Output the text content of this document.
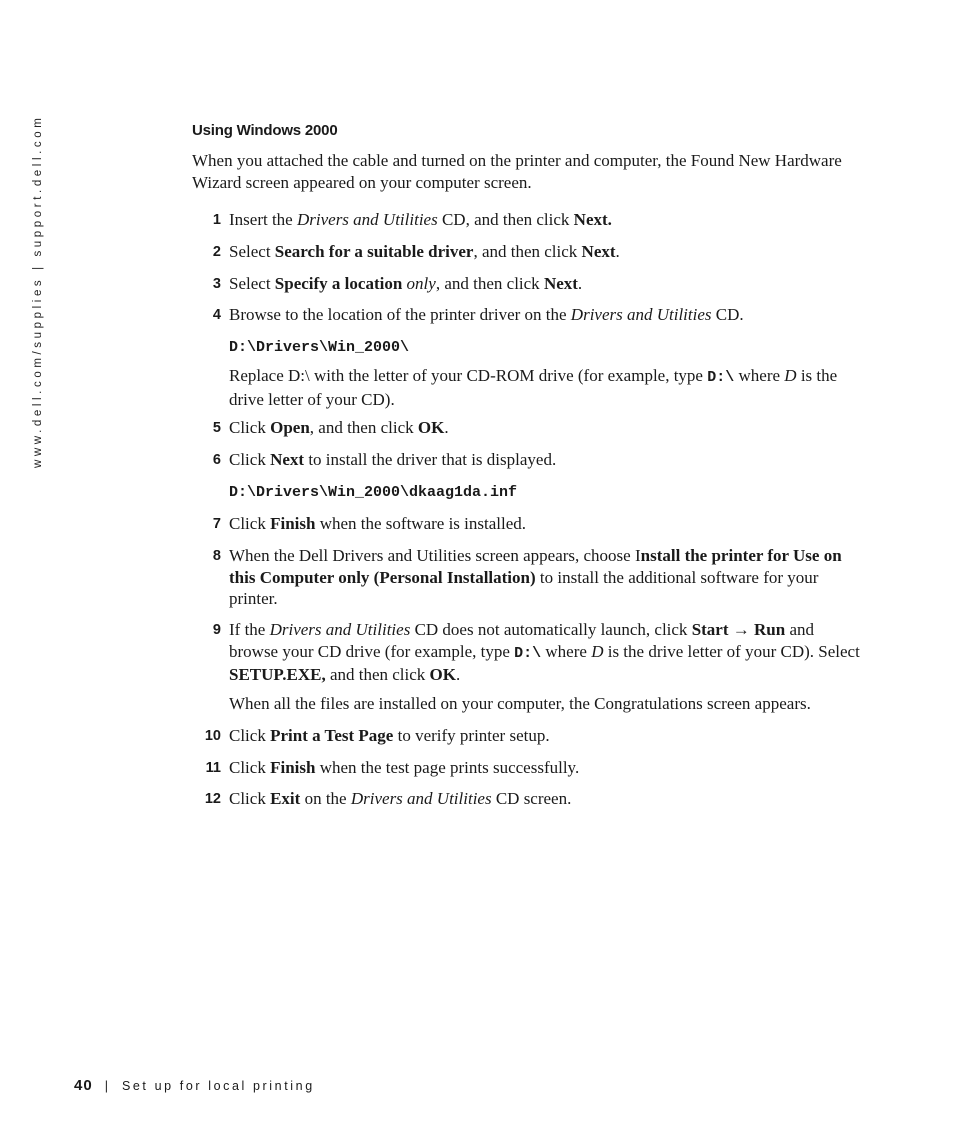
www.dell.com/supplies | support.dell.com	Using Windows 2000
When you attached the cable and turned on the printer and computer, the Found New Hardware Wizard screen appeared on your computer screen.
1 Insert the Drivers and Utilities CD, and then click Next.
2 Select Search for a suitable driver, and then click Next.
3 Select Specify a location only, and then click Next.
4 Browse to the location of the printer driver on the Drivers and Utilities CD.
D:\Drivers\Win_2000\
Replace D:\ with the letter of your CD-ROM drive (for example, type D:\ where D is the drive letter of your CD).
5 Click Open, and then click OK.
6 Click Next to install the driver that is displayed.
D:\Drivers\Win_2000\dkaag1da.inf
7 Click Finish when the software is installed.
8 When the Dell Drivers and Utilities screen appears, choose Install the printer for Use on this Computer only (Personal Installation) to install the additional software for your printer.
9 If the Drivers and Utilities CD does not automatically launch, click Start → Run and browse your CD drive (for example, type D:\ where D is the drive letter of your CD). Select SETUP.EXE, and then click OK.
When all the files are installed on your computer, the Congratulations screen appears.
10 Click Print a Test Page to verify printer setup.
11 Click Finish when the test page prints successfully.
12 Click Exit on the Drivers and Utilities CD screen.
40 | Set up for local printing
